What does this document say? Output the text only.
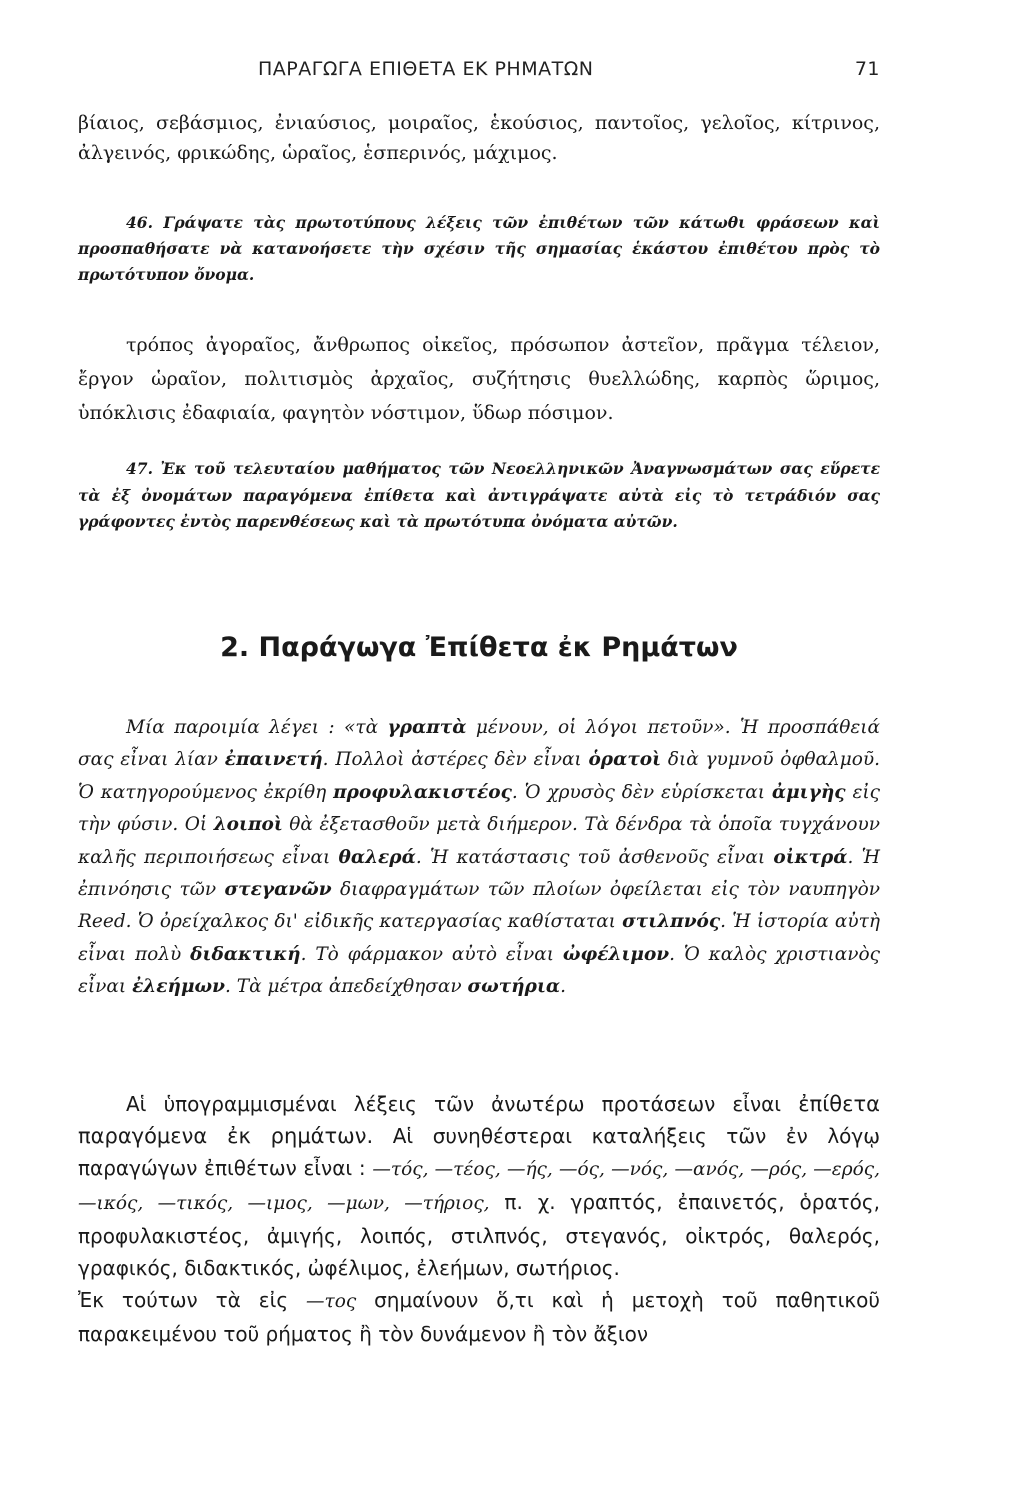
ΠΑΡΑΓΩΓΑ ΕΠΙΘΕΤΑ ΕΚ ΡΗΜΑΤΩΝ	71
βίαιος, σεβάσμιος, ἐνιαύσιος, μοιραῖος, ἑκούσιος, παντοῖος, γελοῖος, κίτρινος, ἀλγεινός, φρικώδης, ὡραῖος, ἑσπερινός, μάχιμος.
46. Γράψατε τὰς πρωτοτύπους λέξεις τῶν ἐπιθέτων τῶν κάτωθι φράσεων καὶ προσπαθήσατε νὰ κατανοήσετε τὴν σχέσιν τῆς σημασίας ἑκάστου ἐπιθέτου πρὸς τὸ πρωτότυπον ὄνομα.
τρόπος ἀγοραῖος, ἄνθρωπος οἰκεῖος, πρόσωπον ἀστεῖον, πρᾶγμα τέλειον, ἔργον ὡραῖον, πολιτισμὸς ἀρχαῖος, συζήτησις θυελλώδης, καρπὸς ὥριμος, ὑπόκλισις ἐδαφιαία, φαγητὸν νόστιμον, ὕδωρ πόσιμον.
47. Ἐκ τοῦ τελευταίου μαθήματος τῶν Νεοελληνικῶν Ἀναγνωσμάτων σας εὕρετε τὰ ἐξ ὀνομάτων παραγόμενα ἐπίθετα καὶ ἀντιγράψατε αὐτὰ εἰς τὸ τετράδιόν σας γράφοντες ἐντὸς παρενθέσεως καὶ τὰ πρωτότυπα ὀνόματα αὐτῶν.
2. Παράγωγα Ἐπίθετα ἐκ Ρημάτων
Μία παροιμία λέγει : «τὰ γραπτὰ μένουν, οἱ λόγοι πετοῦν». Ἡ προσπάθειά σας εἶναι λίαν ἐπαινετή. Πολλοὶ ἀστέρες δὲν εἶναι ὁρατοὶ διὰ γυμνοῦ ὀφθαλμοῦ. Ὁ κατηγορούμενος ἐκρίθη προφυλακιστέος. Ὁ χρυσὸς δὲν εὑρίσκεται ἀμιγὴς εἰς τὴν φύσιν. Οἱ λοιποὶ θὰ ἐξετασθοῦν μετὰ διήμερον. Τὰ δένδρα τὰ ὁποῖα τυγχάνουν καλῆς περιποιήσεως εἶναι θαλερά. Ἡ κατάστασις τοῦ ἀσθενοῦς εἶναι οἰκτρά. Ἡ ἐπινόησις τῶν στεγανῶν διαφραγμάτων τῶν πλοίων ὀφείλεται εἰς τὸν ναυπηγὸν Reed. Ὁ ὀρείχαλκος δι' εἰδικῆς κατεργασίας καθίσταται στιλπνός. Ἡ ἱστορία αὐτὴ εἶναι πολὺ διδακτική. Τὸ φάρμακον αὐτὸ εἶναι ὠφέλιμον. Ὁ καλὸς χριστιανὸς εἶναι ἐλεήμων. Τὰ μέτρα ἀπεδείχθησαν σωτήρια.
Αἱ ὑπογραμμισμέναι λέξεις τῶν ἀνωτέρω προτάσεων εἶναι ἐπίθετα παραγόμενα ἐκ ρημάτων. Αἱ συνηθέστεραι καταλήξεις τῶν ἐν λόγῳ παραγώγων ἐπιθέτων εἶναι : —τός, —τέος, —ής, —ός, —νός, —ανός, —ρός, —ερός, —ικός, —τικός, —ιμος, —μων, —τήριος, π. χ. γραπτός, ἐπαινετός, ὁρατός, προφυλακιστέος, ἀμιγής, λοιπός, στιλπνός, στεγανός, οἰκτρός, θαλερός, γραφικός, διδακτικός, ὠφέλιμος, ἐλεήμων, σωτήριος.
Ἐκ τούτων τὰ εἰς —τος σημαίνουν ὅ,τι καὶ ἡ μετοχὴ τοῦ παθητικοῦ παρακειμένου τοῦ ρήματος ἢ τὸν δυνάμενον ἢ τὸν ἄξιον
